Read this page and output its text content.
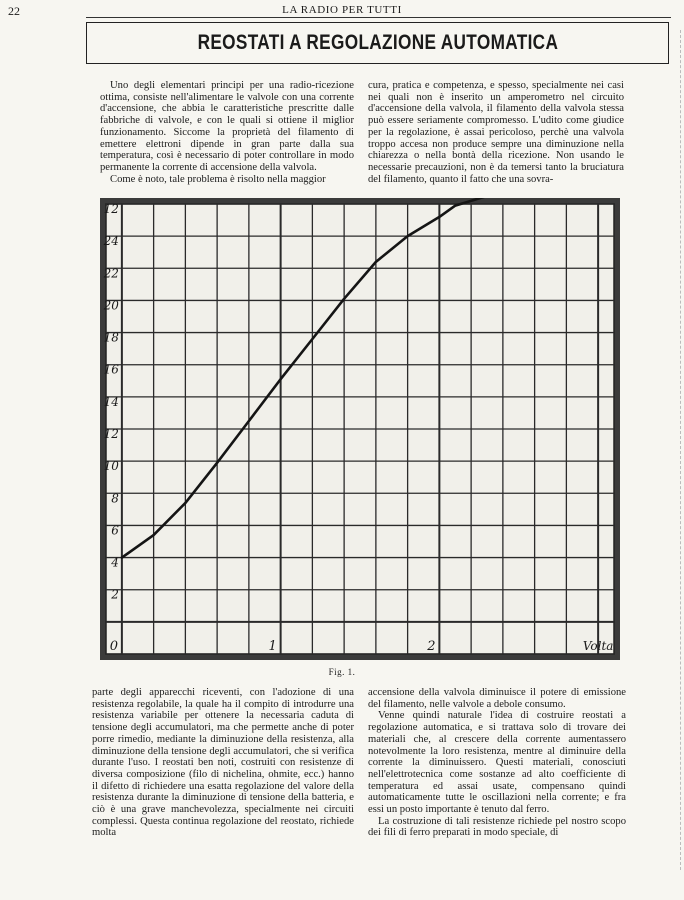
22	LA RADIO PER TUTTI
REOSTATI A REGOLAZIONE AUTOMATICA

Uno degli elementari principi per una radio-ricezione ottima, consiste nell'alimentare le valvole con una corrente d'accensione, che abbia le caratteristiche prescritte dalle fabbriche di valvole, e con le quali si ottiene il miglior funzionamento. Siccome la proprietà del filamento di emettere elettroni dipende in gran parte dalla sua temperatura, così è necessario di poter controllare in modo permanente la corrente di accensione della valvola.

Come è noto, tale problema è risolto nella maggior

cura, pratica e competenza, e spesso, specialmente nei casi nei quali non è inserito un amperometro nel circuito d'accensione della valvola, il filamento della valvola stessa può essere seriamente compromesso. L'udito come giudice per la regolazione, è assai pericoloso, perchè una valvola troppo accesa non produce sempre una diminuzione nella chiarezza o nella bontà della ricezione. Non usando le necessarie precauzioni, non è da temersi tanto la bruciatura del filamento, quanto il fatto che una sovra-

2
4
6
8
10
12
14
16
18
20
22
24
12
0	1	2	Volta
Fig. 1.

parte degli apparecchi riceventi, con l'adozione di una resistenza regolabile, la quale ha il compito di introdurre una resistenza variabile per ottenere la necessaria caduta di tensione degli accumulatori, ma che permette anche di poter porre rimedio, mediante la diminuzione della resistenza, alla diminuzione della tensione degli accumulatori, che si verifica durante l'uso. I reostati ben noti, costruiti con resistenze di diversa composizione (filo di nichelina, ohmite, ecc.) hanno il difetto di richiedere una esatta regolazione del valore della resistenza durante la diminuzione di tensione della batteria, e ciò è una grave manchevolezza, specialmente nei circuiti complessi. Questa continua regolazione del reostato, richiede molta

accensione della valvola diminuisce il potere di emissione del filamento, nelle valvole a debole consumo.

Venne quindi naturale l'idea di costruire reostati a regolazione automatica, e si trattava solo di trovare dei materiali che, al crescere della corrente aumentassero notevolmente la loro resistenza, mentre al diminuire della corrente la diminuissero. Questi materiali, conosciuti nell'elettrotecnica come sostanze ad alto coefficiente di temperatura ed assai usate, compensano quindi automaticamente tutte le oscillazioni nella corrente; e fra essi un posto importante è tenuto dal ferro.

La costruzione di tali resistenze richiede pel nostro scopo dei fili di ferro preparati in modo speciale, di
